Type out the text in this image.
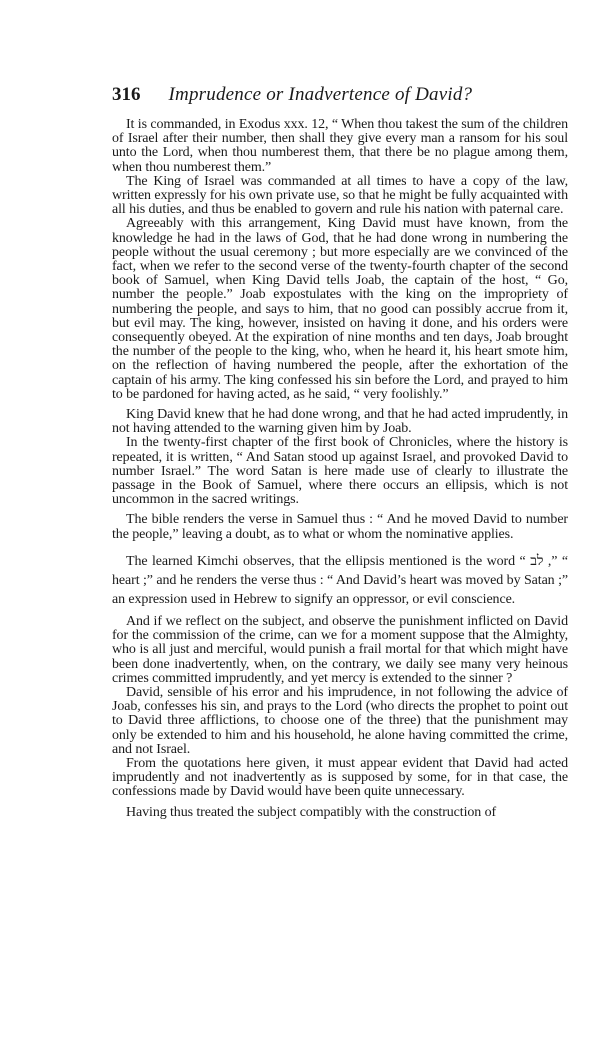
316 Imprudence or Inadvertence of David?

It is commanded, in Exodus xxx. 12, “ When thou takest the sum of the children of Israel after their number, then shall they give every man a ransom for his soul unto the Lord, when thou numberest them, that there be no plague among them, when thou numberest them.”

The King of Israel was commanded at all times to have a copy of the law, written expressly for his own private use, so that he might be fully acquainted with all his duties, and thus be enabled to govern and rule his nation with paternal care.

Agreeably with this arrangement, King David must have known, from the knowledge he had in the laws of God, that he had done wrong in numbering the people without the usual ceremony ; but more especially are we convinced of the fact, when we refer to the second verse of the twenty-fourth chapter of the second book of Samuel, when King David tells Joab, the captain of the host, “ Go, number the people.” Joab expostulates with the king on the impropriety of numbering the people, and says to him, that no good can possibly accrue from it, but evil may. The king, however, insisted on having it done, and his orders were consequently obeyed. At the expiration of nine months and ten days, Joab brought the number of the people to the king, who, when he heard it, his heart smote him, on the reflection of having numbered the people, after the exhortation of the captain of his army. The king confessed his sin before the Lord, and prayed to him to be pardoned for having acted, as he said, “ very foolishly.”

King David knew that he had done wrong, and that he had acted imprudently, in not having attended to the warning given him by Joab.

In the twenty-first chapter of the first book of Chronicles, where the history is repeated, it is written, “ And Satan stood up against Israel, and provoked David to number Israel.” The word Satan is here made use of clearly to illustrate the passage in the Book of Samuel, where there occurs an ellipsis, which is not uncommon in the sacred writings.

The bible renders the verse in Samuel thus : “ And he moved David to number the people,” leaving a doubt, as to what or whom the nominative applies.

The learned Kimchi observes, that the ellipsis mentioned is the word “ לב ,” “ heart ;” and he renders the verse thus : “ And David’s heart was moved by Satan ;” an expression used in Hebrew to signify an oppressor, or evil conscience.

And if we reflect on the subject, and observe the punishment inflicted on David for the commission of the crime, can we for a moment suppose that the Almighty, who is all just and merciful, would punish a frail mortal for that which might have been done inadvertently, when, on the contrary, we daily see many very heinous crimes committed imprudently, and yet mercy is extended to the sinner ?

David, sensible of his error and his imprudence, in not following the advice of Joab, confesses his sin, and prays to the Lord (who directs the prophet to point out to David three afflictions, to choose one of the three) that the punishment may only be extended to him and his household, he alone having committed the crime, and not Israel.

From the quotations here given, it must appear evident that David had acted imprudently and not inadvertently as is supposed by some, for in that case, the confessions made by David would have been quite unnecessary.

Having thus treated the subject compatibly with the construction of
